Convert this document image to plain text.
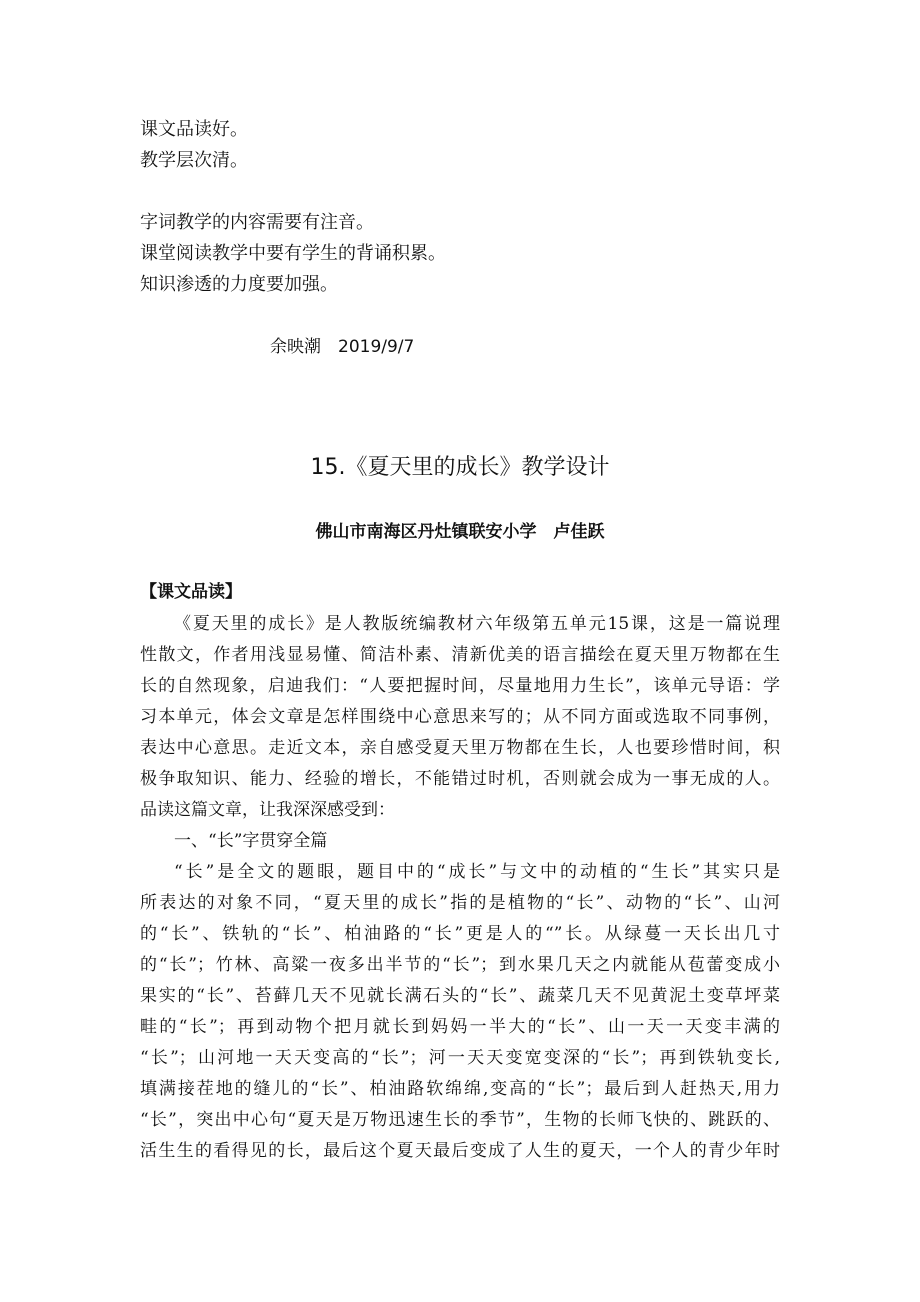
课文品读好。
教学层次清。
字词教学的内容需要有注音。
课堂阅读教学中要有学生的背诵积累。
知识渗透的力度要加强。
余映潮　2019/9/7
15.《夏天里的成长》教学设计
佛山市南海区丹灶镇联安小学　卢佳跃
【课文品读】
《夏天里的成长》是人教版统编教材六年级第五单元15课，这是一篇说理
性散文，作者用浅显易懂、简洁朴素、清新优美的语言描绘在夏天里万物都在生
长的自然现象，启迪我们：“人要把握时间，尽量地用力生长”，该单元导语：学
习本单元，体会文章是怎样围绕中心意思来写的；从不同方面或选取不同事例，
表达中心意思。走近文本，亲自感受夏天里万物都在生长，人也要珍惜时间，积
极争取知识、能力、经验的增长，不能错过时机，否则就会成为一事无成的人。
品读这篇文章，让我深深感受到：
一、“长”字贯穿全篇
“长”是全文的题眼，题目中的“成长”与文中的动植的“生长”其实只是
所表达的对象不同，“夏天里的成长”指的是植物的“长”、动物的“长”、山河
的“长”、铁轨的“长”、柏油路的“长”更是人的“”长。从绿蔓一天长出几寸
的“长”；竹林、高粱一夜多出半节的“长”；到水果几天之内就能从苞蕾变成小
果实的“长”、苔藓几天不见就长满石头的“长”、蔬菜几天不见黄泥土变草坪菜
畦的“长”；再到动物个把月就长到妈妈一半大的“长”、山一天一天变丰满的
“长”；山河地一天天变高的“长”；河一天天变宽变深的“长”；再到铁轨变长,
填满接茬地的缝儿的“长”、柏油路软绵绵,变高的“长”；最后到人赶热天,用力
“长”，突出中心句“夏天是万物迅速生长的季节”，生物的长师飞快的、跳跃的、
活生生的看得见的长，最后这个夏天最后变成了人生的夏天，一个人的青少年时
